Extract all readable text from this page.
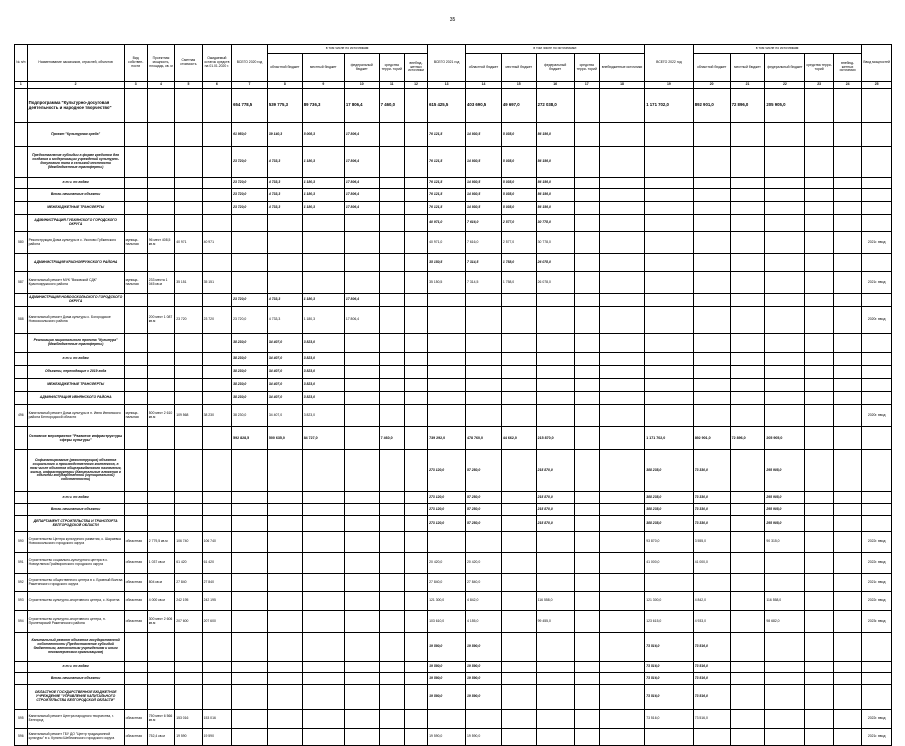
35
№ п/п	Наименование заказчиков, отраслей, объектов	Вид собствен- ности	Проектная мощность, площадь, кв. м	Сметная стоимость	Ожидаемый остаток средств на 01.01.2020 г.	ВСЕГО 2020 год	в том числе по источникам:					ВСЕГО 2021 год	в том числе по источникам:					ВСЕГО 2022 год	в том числе по источникам:					Ввод мощностей
							областной бюджет	местный бюджет	федеральный бюджет	средства терри- торий	внебюд- жетных источники		областной бюджет	местный бюджет	федеральный бюджет	средства терри- торий	внебюджетные источники		областной бюджет	местный бюджет	федеральный бюджет	средства терри- торий	внебюд- жетных источники	
1	2	3	4	5	6	7	8	9	10	11	12	13	14	15	16	17	18	19	20	21	22	23	24	25
	Подпрограмма "Культурно-досуговая деятельность и народное творчество"					654 778,5	539 775,3	89 736,3	17 806,4	7 460,0		615 425,5	403 690,5	49 697,0	272 038,0			1 171 702,0	892 901,0	72 896,0	205 905,0			
	Проект "Культурная среда"					61 950,0	39 140,3	5 008,3	17 806,4			76 121,5	14 930,5	5 035,0	56 156,0									
	Предоставление субсидии в форме кредитов для создания и модернизации учреждений культурно-досугового типа в сельской местности (Межбюджетные трансферты)					23 720,0	4 733,3	1 180,3	17 806,4			76 121,5	14 930,5	5 035,0	56 156,0									
	в т.ч. по годам					23 720,0	4 733,3	1 180,3	17 806,4			76 121,5	14 930,5	5 035,0	56 156,0									
	Вновь начинаемые объекты					23 720,0	4 733,3	1 180,3	17 806,4			76 121,5	14 930,5	5 035,0	56 156,0									
	МЕЖБЮДЖЕТНЫЕ ТРАНСФЕРТЫ					23 720,0	4 733,3	1 180,3	17 806,4			76 121,5	14 930,5	5 035,0	56 156,0									
	АДМИНИСТРАЦИЯ ГУБКИНСКОГО ГОРОДСКОГО ОКРУГА											40 971,0	7 616,0	2 577,0	30 778,0									
580	Реконструкция Дома культуры в с. Уколово Губкинского района	муници- пальная	96 мест 408,5 кв.м	40 971	40 971							40 971,0	7 616,0	2 577,0	30 778,0									2021г. ввод
	АДМИНИСТРАЦИЯ КРАСНОЯРУЖСКОГО РАЙОНА											35 150,5	7 314,5	1 758,0	26 078,0									
587	Капитальный ремонт МУК "Вязовской СДК" Краснояружского района	муници- пальная	233 места 1 045 кв.м	35 151	35 151							35 150,5	7 314,5	1 758,0	26 078,0									2021г. ввод
	АДМИНИСТРАЦИЯ НОВООСКОЛЬСКОГО ГОРОДСКОГО ОКРУГА					23 720,0	4 733,3	1 180,3	17 806,4															
588	Капитальный ремонт Дома культуры с. Богородское Новооскольского района		200 мест 1 087 кв.м	23 720	23 720	23 720,0	4 733,3	1 180,3	17 806,4															2020г. ввод
	Реализация национального проекта "Культура" (Межбюджетные трансферты)					38 230,0	34 407,0	3 823,0																
	в т.ч. по годам					38 230,0	34 407,0	3 823,0																
	Объекты, переходящие с 2019 года					38 230,0	34 407,0	3 823,0																
	МЕЖБЮДЖЕТНЫЕ ТРАНСФЕРТЫ					38 230,0	34 407,0	3 823,0																
	АДМИНИСТРАЦИЯ ИВНЯНСКОГО РАЙОНА					38 230,0	34 407,0	3 823,0																
496	Капитальный ремонт Дома культуры в п. Ивня Ивнянского района Белгородской области	муници- пальная	500 мест 2 610 кв.м	109 568	38 230	38 230,0	34 407,0	3 823,0																2020г. ввод
	Основное мероприятие "Развитие инфраструктуры сферы культуры"					592 828,5	500 635,0	84 727,0		7 460,0		739 292,0	478 760,0	44 662,0	215 870,0			1 171 702,0	892 901,0	72 896,0	205 905,0			
	Софинансирование (реконструкция) объектов социального и производственного комплексов, в том числе объектов общегражданского назначения, жилья, инфраструктуры (Капитальные вложения в объекты государственной (муниципальной) собственности)											273 120,0	57 250,0		215 870,0			388 235,0	73 330,0		295 905,0			
	в т.ч. по годам											273 120,0	57 250,0		215 870,0			388 235,0	73 330,0		295 905,0			
	Вновь начинаемые объекты											273 120,0	57 250,0		215 870,0			388 235,0	73 330,0		295 905,0			
	ДЕПАРТАМЕНТ СТРОИТЕЛЬСТВА И ТРАНСПОРТА БЕЛГОРОДСКОЙ ОБЛАСТИ											273 120,0	57 250,0		215 870,0			388 235,0	73 330,0		295 905,0			
590	Строительство Центра культурного развития, с. Шараевка Новооскольского городского округа	областная	2 779,5 кв.м	106 740	106 740													93 870,0	3 555,0		90 315,0			2022г. ввод
591	Строительство социально-культурного центра в с. Новоуглянка Грайворонского городского округа	областная	1 037 кв.м	61 420	61 420							20 420,0	20 420,0					41 000,0	41 000,0					2022г. ввод
592	Строительство общественного центра в с. Бровный Волгаа Ракитянского городского округа	областная	804 кв.м	27 840	27 840							27 840,0	27 840,0											2021г. ввод
593	Строительство культурно-спортивного центра, с. Коротна	областная	4 000 кв.м	242 195	242 195							121 300,0	4 842,0		116 558,0			121 300,0	4 842,0		116 558,0			2022г. ввод
594	Строительство культурно-спортивного центра, п. Пролетарский Ракитянского района	областная	300 мест 2 606 кв.м	207 600	207 600							103 610,0	4 155,0		99 455,0			123 615,0	4 933,0		98 682,0			2023г. ввод
	Капитальный ремонт объектов государственной собственности (Предоставление субсидий бюджетным, автономным учреждениям и иным некоммерческим организациям)											19 590,0	19 590,0					73 516,0	73 516,0					
	в т.ч. по годам											19 590,0	19 590,0					73 516,0	73 516,0					
	Вновь начинаемые объекты											19 590,0	19 590,0					73 516,0	73 516,0					
	ОБЛАСТНОЕ ГОСУДАРСТВЕННОЕ БЮДЖЕТНОЕ УЧРЕЖДЕНИЕ "УПРАВЛЕНИЕ КАПИТАЛЬНОГО СТРОИТЕЛЬСТВА БЕЛГОРОДСКОЙ ОБЛАСТИ"											19 590,0	19 590,0					73 516,0	73 516,0					
595	Капитальный ремонт Центра народного творчества, г. Белгород	областная	750 мест 6 566 кв.м	153 016	153 016													73 516,0	73 516,0					2022г. ввод
596	Капитальный ремонт ГБУ ДО "Центр традиционной культуры" в с. Купино Шебекинского городского округа	областная	752,4 кв.м	19 590	19 590							19 590,0	19 590,0											2021г. ввод
